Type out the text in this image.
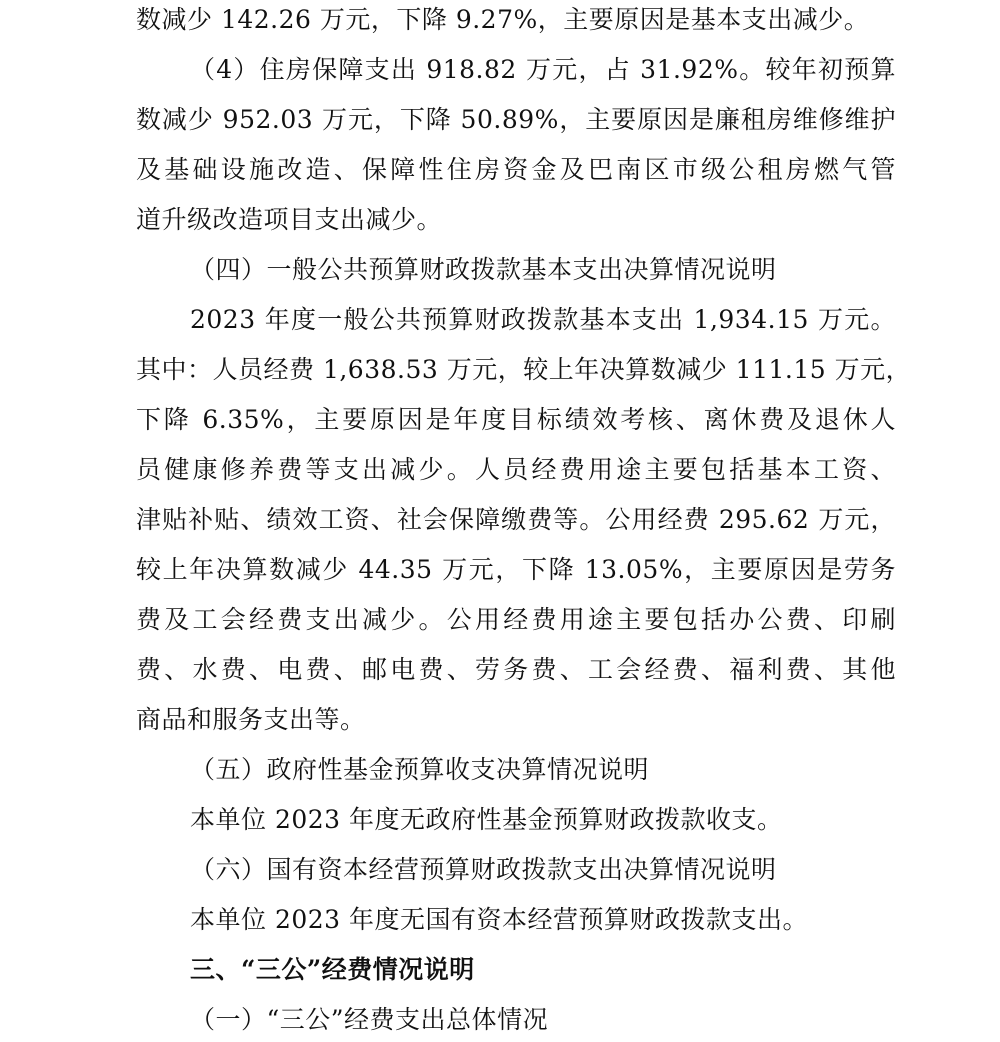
数减少 142.26 万元，下降 9.27%，主要原因是基本支出减少。
（4）住房保障支出 918.82 万元，占 31.92%。较年初预算
数减少 952.03 万元，下降 50.89%，主要原因是廉租房维修维护
及基础设施改造、保障性住房资金及巴南区市级公租房燃气管
道升级改造项目支出减少。
（四）一般公共预算财政拨款基本支出决算情况说明
2023 年度一般公共预算财政拨款基本支出 1,934.15 万元。
其中：人员经费 1,638.53 万元，较上年决算数减少 111.15 万元，
下降 6.35%，主要原因是年度目标绩效考核、离休费及退休人
员健康修养费等支出减少。人员经费用途主要包括基本工资、
津贴补贴、绩效工资、社会保障缴费等。公用经费 295.62 万元，
较上年决算数减少 44.35 万元，下降 13.05%，主要原因是劳务
费及工会经费支出减少。公用经费用途主要包括办公费、印刷
费、水费、电费、邮电费、劳务费、工会经费、福利费、其他
商品和服务支出等。
（五）政府性基金预算收支决算情况说明
本单位 2023 年度无政府性基金预算财政拨款收支。
（六）国有资本经营预算财政拨款支出决算情况说明
本单位 2023 年度无国有资本经营预算财政拨款支出。
三、“三公”经费情况说明
（一）“三公”经费支出总体情况
